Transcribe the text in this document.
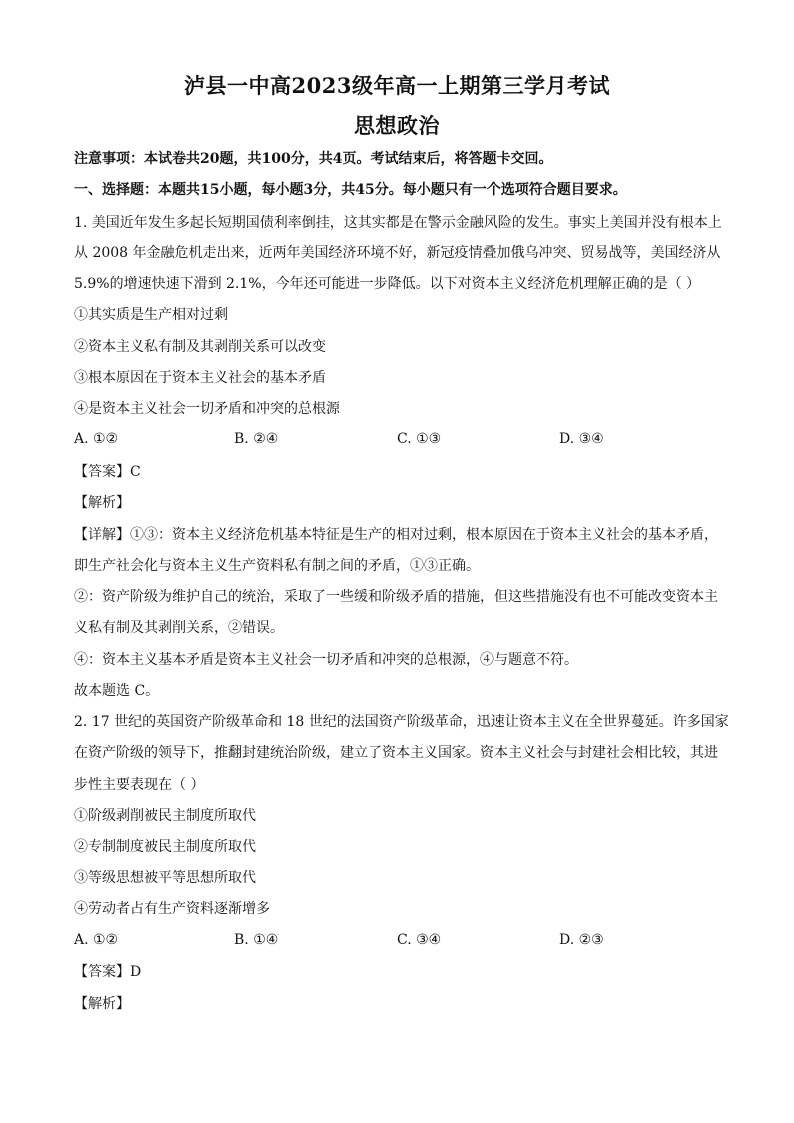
泸县一中高2023级年高一上期第三学月考试
思想政治
注意事项：本试卷共20题，共100分，共4页。考试结束后，将答题卡交回。
一、选择题：本题共15小题，每小题3分，共45分。每小题只有一个选项符合题目要求。
1. 美国近年发生多起长短期国债利率倒挂，这其实都是在警示金融风险的发生。事实上美国并没有根本上
从 2008 年金融危机走出来，近两年美国经济环境不好，新冠疫情叠加俄乌冲突、贸易战等，美国经济从
5.9%的增速快速下滑到 2.1%，今年还可能进一步降低。以下对资本主义经济危机理解正确的是（ ）
①其实质是生产相对过剩
②资本主义私有制及其剥削关系可以改变
③根本原因在于资本主义社会的基本矛盾
④是资本主义社会一切矛盾和冲突的总根源
A. ①②	B. ②④	C. ①③	D. ③④
【答案】C
【解析】
【详解】①③：资本主义经济危机基本特征是生产的相对过剩，根本原因在于资本主义社会的基本矛盾，
即生产社会化与资本主义生产资料私有制之间的矛盾，①③正确。
②：资产阶级为维护自己的统治，采取了一些缓和阶级矛盾的措施，但这些措施没有也不可能改变资本主
义私有制及其剥削关系，②错误。
④：资本主义基本矛盾是资本主义社会一切矛盾和冲突的总根源，④与题意不符。
故本题选 C。
2. 17 世纪的英国资产阶级革命和 18 世纪的法国资产阶级革命，迅速让资本主义在全世界蔓延。许多国家
在资产阶级的领导下，推翻封建统治阶级，建立了资本主义国家。资本主义社会与封建社会相比较，其进
步性主要表现在（ ）
①阶级剥削被民主制度所取代
②专制制度被民主制度所取代
③等级思想被平等思想所取代
④劳动者占有生产资料逐渐增多
A. ①②	B. ①④	C. ③④	D. ②③
【答案】D
【解析】
